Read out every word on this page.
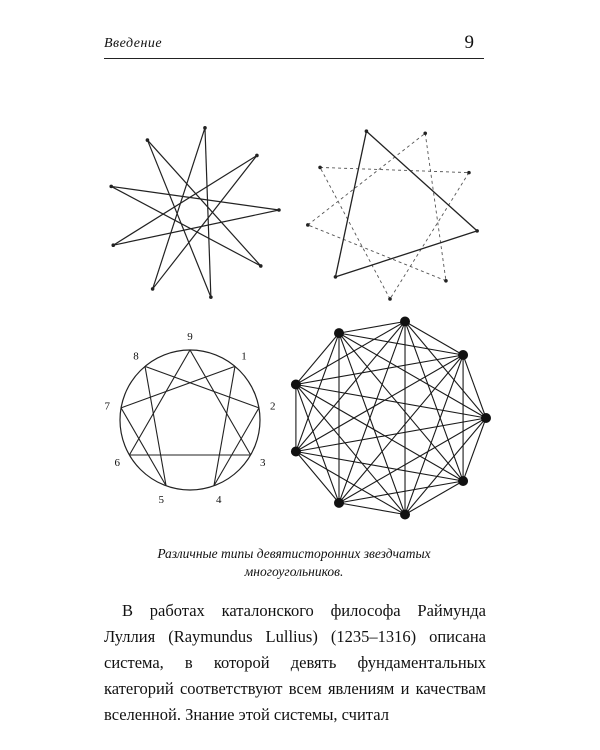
Введение	9
9
1
2
3
4
5
6
7
8
Различные типы девятисторонних звездчатых
многоугольников.

В работах каталонского философа Раймунда Луллия (Raymundus Lullius) (1235–1316) описана система, в которой девять фундаментальных категорий соответствуют всем явлениям и качествам вселенной. Знание этой системы, считал
